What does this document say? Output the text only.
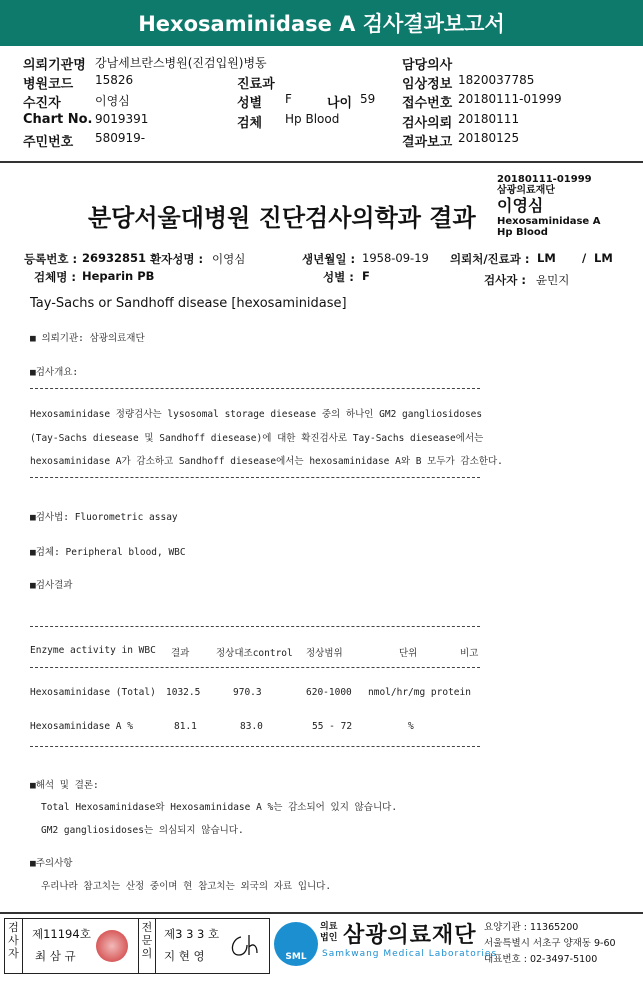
Hexosaminidase A 검사결과보고서
의뢰기관명 강남세브란스병원(진검입원)병동	담당의사
병원코드 15826	진료과	임상정보 1820037785
수진자	이영심	성별 F	나이 59 접수번호 20180111-01999
Chart No. 9019391	검체 Hp Blood	검사의뢰 20180111
주민번호 580919-	결과보고 20180125
20180111-01999
삼광의료재단
이영심
Hexosaminidase A
Hp Blood
분당서울대병원 진단검사의학과 결과
등록번호 : 26932851 환자성명 : 이영심	생년월일 : 1958-09-19 의뢰처/진료과 : LM / LM
검체명 : Heparin PB	성별 : F	검사자 : 윤민지
Tay-Sachs or Sandhoff disease [hexosaminidase]
■ 의뢰기관: 삼광의료재단
■검사개요:
Hexosaminidase 정량검사는 lysosomal storage diesease 중의 하나인 GM2 gangliosidoses
(Tay-Sachs diesease 및 Sandhoff diesease)에 대한 확진검사로 Tay-Sachs diesease에서는
hexosaminidase A가 감소하고 Sandhoff diesease에서는 hexosaminidase A와 B 모두가 감소한다.
■검사법: Fluorometric assay
■검체: Peripheral blood, WBC
■검사결과
Enzyme activity in WBC 결과	정상대조control 정상범위	단위	비고
Hexosaminidase (Total) 1032.5	970.3	620-1000 nmol/hr/mg protein
Hexosaminidase A %	81.1	83.0	55 - 72	%
■해석 및 결론:
Total Hexosaminidase와 Hexosaminidase A %는 감소되어 있지 않습니다.
GM2 gangliosidoses는 의심되지 않습니다.
■주의사항
우리나라 참고치는 산정 중이며 현 참고치는 외국의 자료 입니다.
검사자
제11194호
최 삼 규
전문의
제3 3 3 호
지 현 영	SML
의료
법인 삼광의료재단
Samkwang Medical Laboratories
요양기관 : 11365200
서울특별시 서초구 양재동 9-60
대표번호 : 02-3497-5100
